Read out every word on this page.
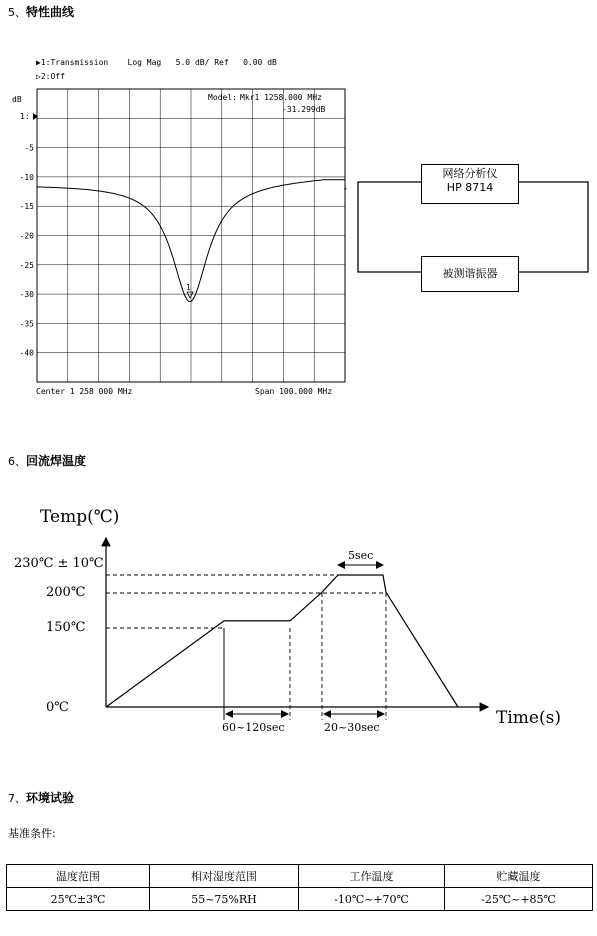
5、特性曲线
▶1:Transmission    Log Mag   5.0 dB/ Ref   0.00 dB
▷2:Off
dB
-5
-10
-15
-20
-25
-30
-35
-40
1:
1
↓
Model: Mkr1 1258.000 MHz
-31.299dB
Center 1 258 000 MHz	Span 100.000 MHz
网络分析仪
HP 8714
被测谐振器
6、回流焊温度
Temp(℃)
Time(s)
230℃ ± 10℃
200℃
150℃
0℃
5sec
60~120sec	20~30sec
7、环境试验
基准条件:
温度范围	相对湿度范围	工作温度	贮藏温度
25℃±3℃	55~75%RH	-10℃~+70℃	-25℃~+85℃
